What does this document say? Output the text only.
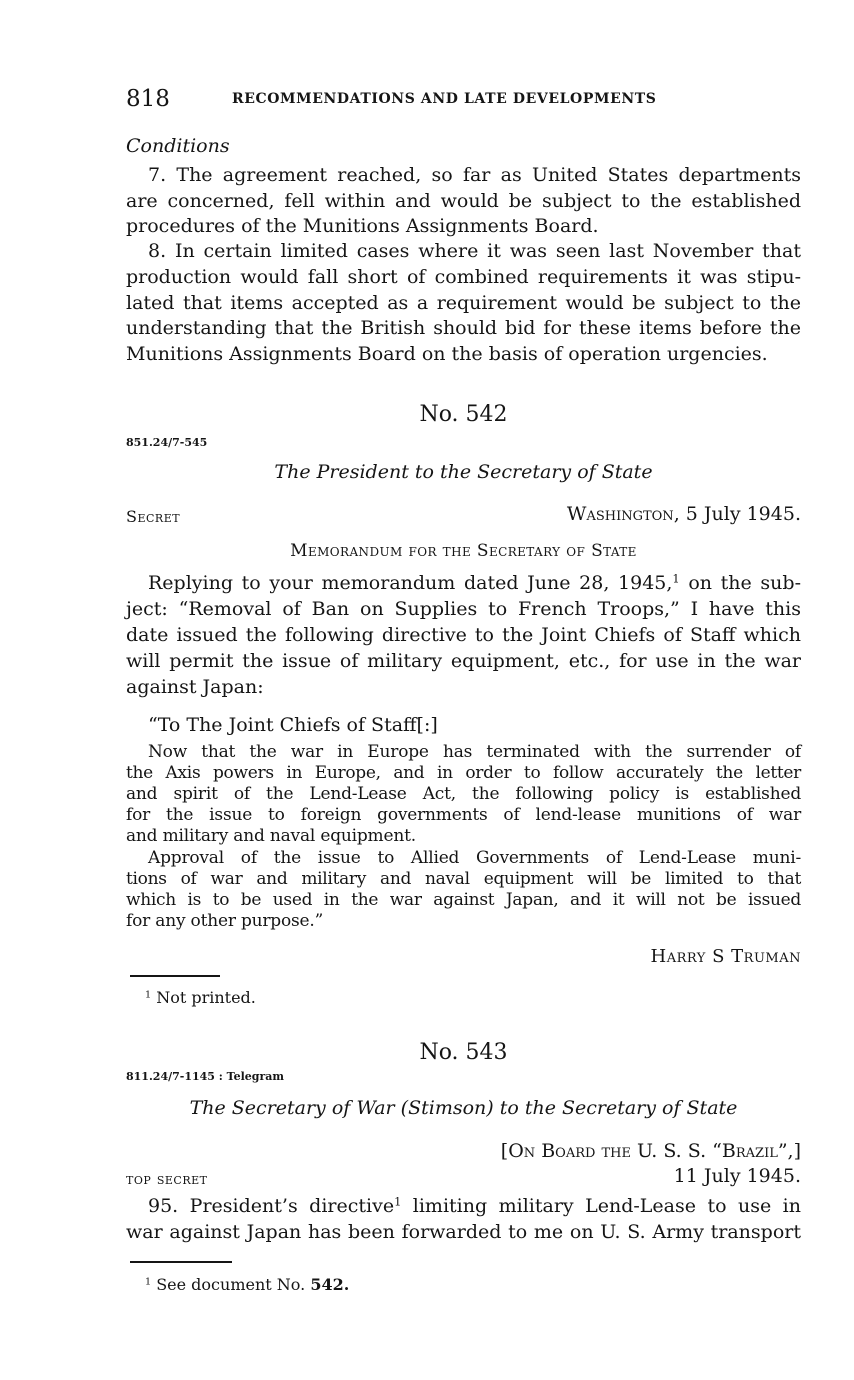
818	RECOMMENDATIONS AND LATE DEVELOPMENTS
Conditions
7. The agreement reached, so far as United States departments
are concerned, fell within and would be subject to the established
procedures of the Munitions Assignments Board.
8. In certain limited cases where it was seen last November that
production would fall short of combined requirements it was stipu-
lated that items accepted as a requirement would be subject to the
understanding that the British should bid for these items before the
Munitions Assignments Board on the basis of operation urgencies.
No. 542
851.24/7-545
The President to the Secretary of State
Secret	Washington, 5 July 1945.
Memorandum for the Secretary of State
Replying to your memorandum dated June 28, 1945,$^1$ on the sub-
ject: “Removal of Ban on Supplies to French Troops,” I have this
date issued the following directive to the Joint Chiefs of Staff which
will permit the issue of military equipment, etc., for use in the war
against Japan:
“To The Joint Chiefs of Staff[:]
Now that the war in Europe has terminated with the surrender of
the Axis powers in Europe, and in order to follow accurately the letter
and spirit of the Lend-Lease Act, the following policy is established
for the issue to foreign governments of lend-lease munitions of war
and military and naval equipment.
Approval of the issue to Allied Governments of Lend-Lease muni-
tions of war and military and naval equipment will be limited to that
which is to be used in the war against Japan, and it will not be issued
for any other purpose.”
Harry S Truman
$^1$ Not printed.
No. 543
811.24/7-1145 : Telegram
The Secretary of War (Stimson) to the Secretary of State
[On Board the U. S. S. “Brazil”,]
top secret	11 July 1945.
95. President’s directive$^1$ limiting military Lend-Lease to use in
war against Japan has been forwarded to me on U. S. Army transport
$^1$ See document No. 542.
